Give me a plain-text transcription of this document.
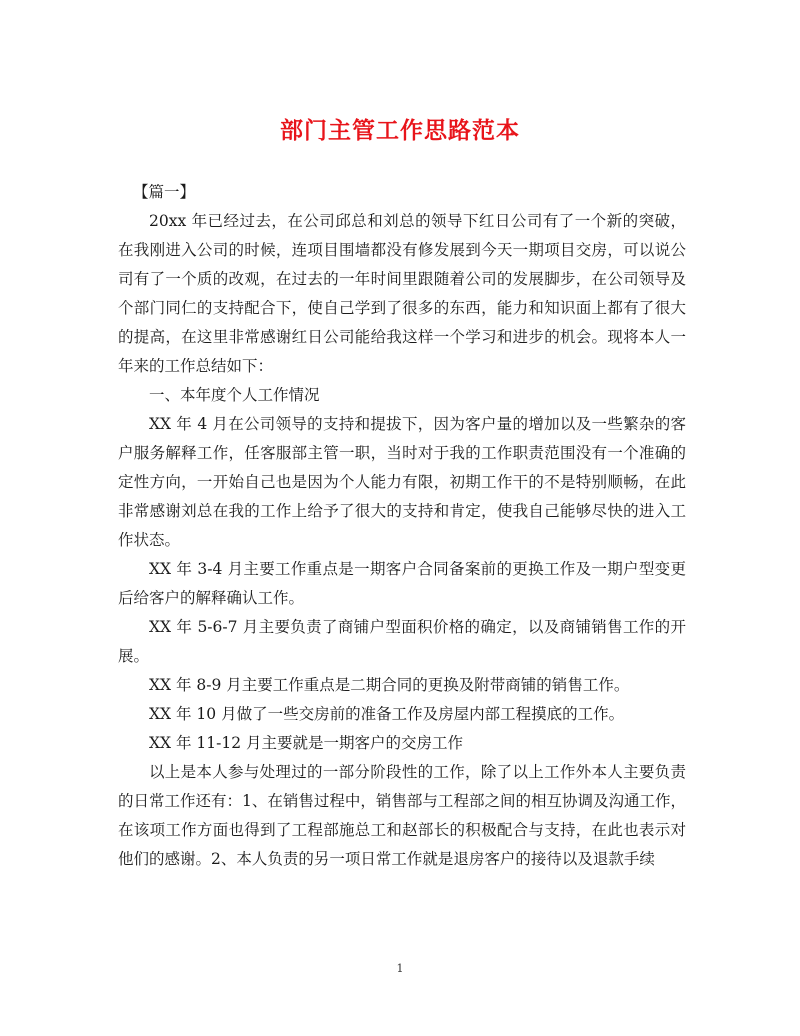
部门主管工作思路范本

【篇一】

20xx 年已经过去，在公司邱总和刘总的领导下红日公司有了一个新的突破，在我刚进入公司的时候，连项目围墙都没有修发展到今天一期项目交房，可以说公司有了一个质的改观，在过去的一年时间里跟随着公司的发展脚步，在公司领导及个部门同仁的支持配合下，使自己学到了很多的东西，能力和知识面上都有了很大的提高，在这里非常感谢红日公司能给我这样一个学习和进步的机会。现将本人一年来的工作总结如下：

一、本年度个人工作情况

XX 年 4 月在公司领导的支持和提拔下，因为客户量的增加以及一些繁杂的客户服务解释工作，任客服部主管一职，当时对于我的工作职责范围没有一个准确的定性方向，一开始自己也是因为个人能力有限，初期工作干的不是特别顺畅，在此非常感谢刘总在我的工作上给予了很大的支持和肯定，使我自己能够尽快的进入工作状态。

XX 年 3-4 月主要工作重点是一期客户合同备案前的更换工作及一期户型变更后给客户的解释确认工作。

XX 年 5-6-7 月主要负责了商铺户型面积价格的确定，以及商铺销售工作的开展。

XX 年 8-9 月主要工作重点是二期合同的更换及附带商铺的销售工作。

XX 年 10 月做了一些交房前的准备工作及房屋内部工程摸底的工作。

XX 年 11-12 月主要就是一期客户的交房工作

以上是本人参与处理过的一部分阶段性的工作，除了以上工作外本人主要负责的日常工作还有：1、在销售过程中，销售部与工程部之间的相互协调及沟通工作，在该项工作方面也得到了工程部施总工和赵部长的积极配合与支持，在此也表示对他们的感谢。2、本人负责的另一项日常工作就是退房客户的接待以及退款手续

1
